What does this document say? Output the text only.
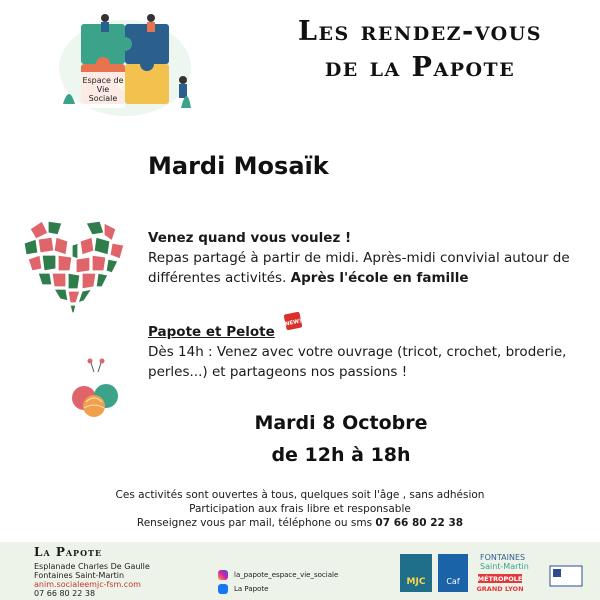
Espace de Vie Sociale
Les rendez-vous
de la Papote
Mardi Mosaïk
Venez quand vous voulez !
Repas partagé à partir de midi. Après-midi convivial autour de différentes activités. Après l'école en famille
NEW!
Papote et Pelote
Dès 14h : Venez avec votre ouvrage (tricot, crochet, broderie, perles...) et partageons nos passions !
Mardi 8 Octobre
de 12h à 18h
Ces activités sont ouvertes à tous, quelques soit l'âge , sans adhésion
Participation aux frais libre et responsable
Renseignez vous par mail, téléphone ou sms 07 66 80 22 38
La Papote
Esplanade Charles De Gaulle
Fontaines Saint-Martin
anim.socialeemjc-fsm.com
07 66 80 22 38
la_papote_espace_vie_sociale
La Papote
MJC	Caf
FONTAINES
Saint-Martin
MÉTROPOLE
GRAND LYON
